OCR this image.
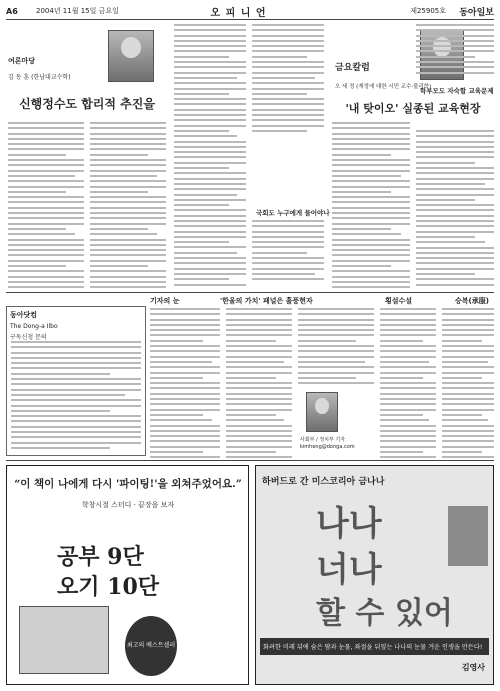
A6	2004년 11월 15일 금요일	오 피 니 언	제25905호 동아일보
여론마당
김 동 훈 (한남대교수학)
신행정수도 합리적 추진을
국회도 누구에게 물어야나
금요칼럼
오 세 정 (재정에 대한 시민 교수·물리학)
'내 탓이오' 실종된 교육현장
학부모도 자숙할 교육문제
기자의 눈	'한울의 가치' 패널은 흘풍현자	횡설수설	승복(承服)
동아닷컴
The Dong-a Ilbo
구독신청 문의
사회부 / 정치부 기자
kimheng@donga.com
“이 책이 나에게 다시 '파이팅!'을 외쳐주었어요.”
학창시절 스터디 · 끝장을 보자
공부 9단
오기 10단
최고의 베스트셀러
하버드로 간 미스코리아 금나나
나나
너나
할 수 있어
화려한 미래 뒤에 숨은 땀과 눈물, 좌절을 뒤엎는 나나의 눈물 겨운 인생을 만든다!
김영사
